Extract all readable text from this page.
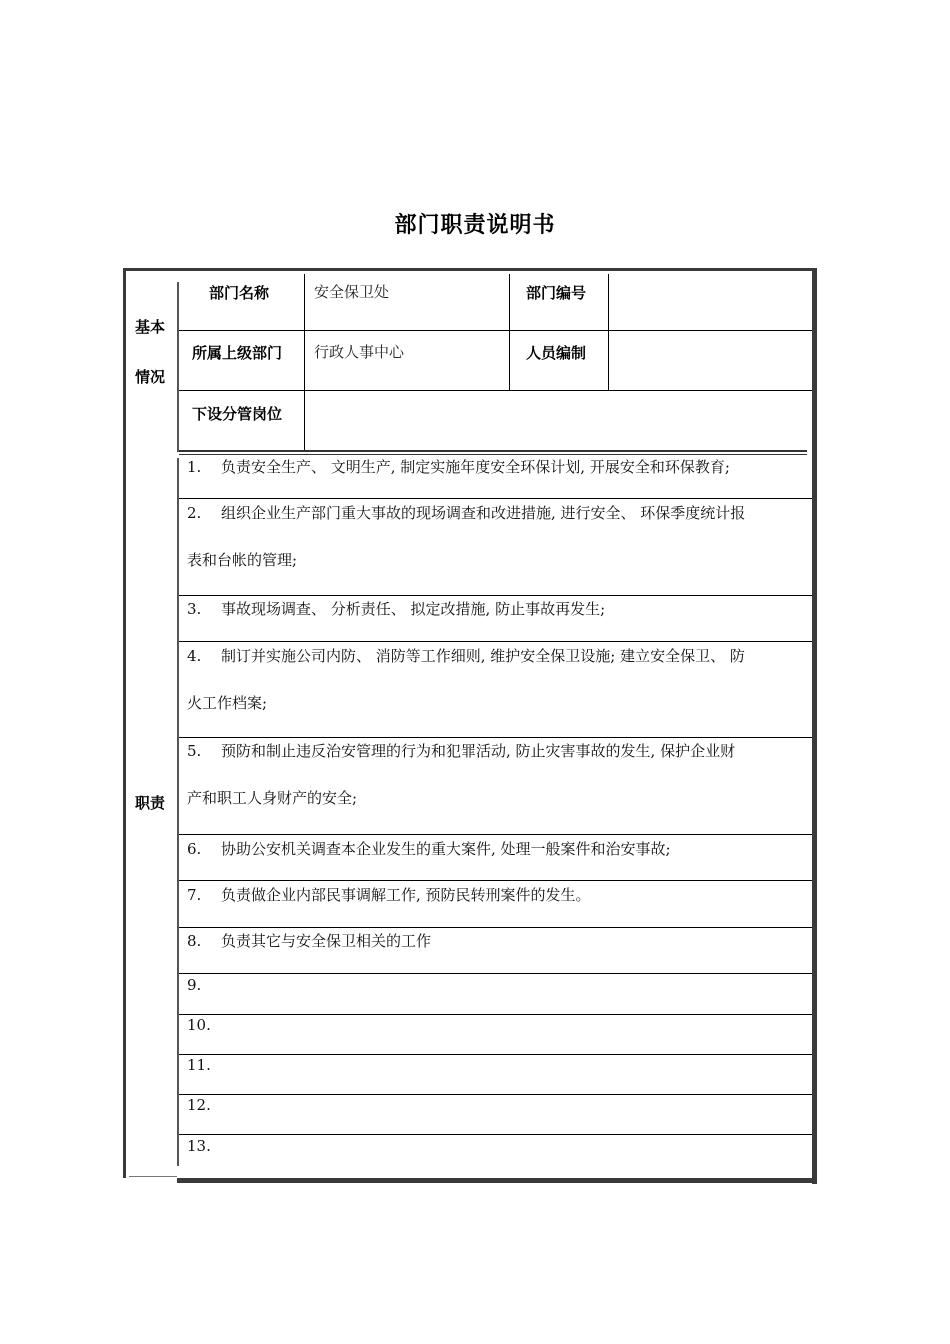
部门职责说明书
基本
情况
部门名称	安全保卫处	部门编号
所属上级部门 行政人事中心	人员编制
下设分管岗位
职责
1. 负责安全生产、 文明生产, 制定实施年度安全环保计划, 开展安全和环保教育;
2. 组织企业生产部门重大事故的现场调查和改进措施, 进行安全、 环保季度统计报
表和台帐的管理;
3. 事故现场调查、 分析责任、 拟定改措施, 防止事故再发生;
4. 制订并实施公司内防、 消防等工作细则, 维护安全保卫设施; 建立安全保卫、 防
火工作档案;
5. 预防和制止违反治安管理的行为和犯罪活动, 防止灾害事故的发生, 保护企业财
产和职工人身财产的安全;
6. 协助公安机关调查本企业发生的重大案件, 处理一般案件和治安事故;
7. 负责做企业内部民事调解工作, 预防民转刑案件的发生。
8. 负责其它与安全保卫相关的工作
9.
10.
11.
12.
13.
